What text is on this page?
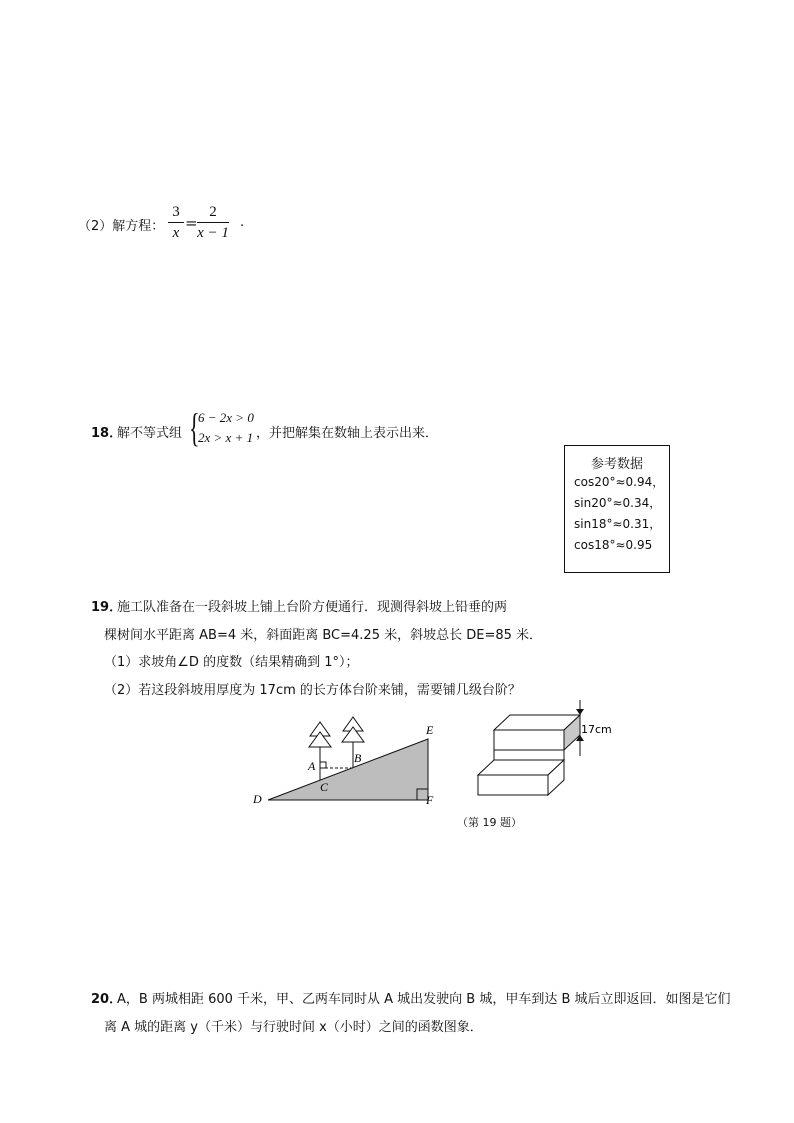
（2）解方程：
3
x
=
2
x − 1
.
18．
解不等式组 {
6 − 2x > 0
2x > x + 1 ，并把解集在数轴上表示出来．
参考数据
cos20°≈0.94，
sin20°≈0.34，
sin18°≈0.31，
cos18°≈0.95
19．
施工队准备在一段斜坡上铺上台阶方便通行．现测得斜坡上铅垂的两
棵树间水平距离 AB=4 米，斜面距离 BC=4.25 米，斜坡总长 DE=85 米．
（1）求坡角∠D 的度数（结果精确到 1°）；
（2）若这段斜坡用厚度为 17cm 的长方体台阶来铺，需要铺几级台阶？
A
B
C
D
E
F
17cm
（第 19 题）
20．
A，B 两城相距 600 千米，甲、乙两车同时从 A 城出发驶向 B 城，甲车到达 B 城后立即返回．如图是它们
离 A 城的距离 y（千米）与行驶时间 x（小时）之间的函数图象．
